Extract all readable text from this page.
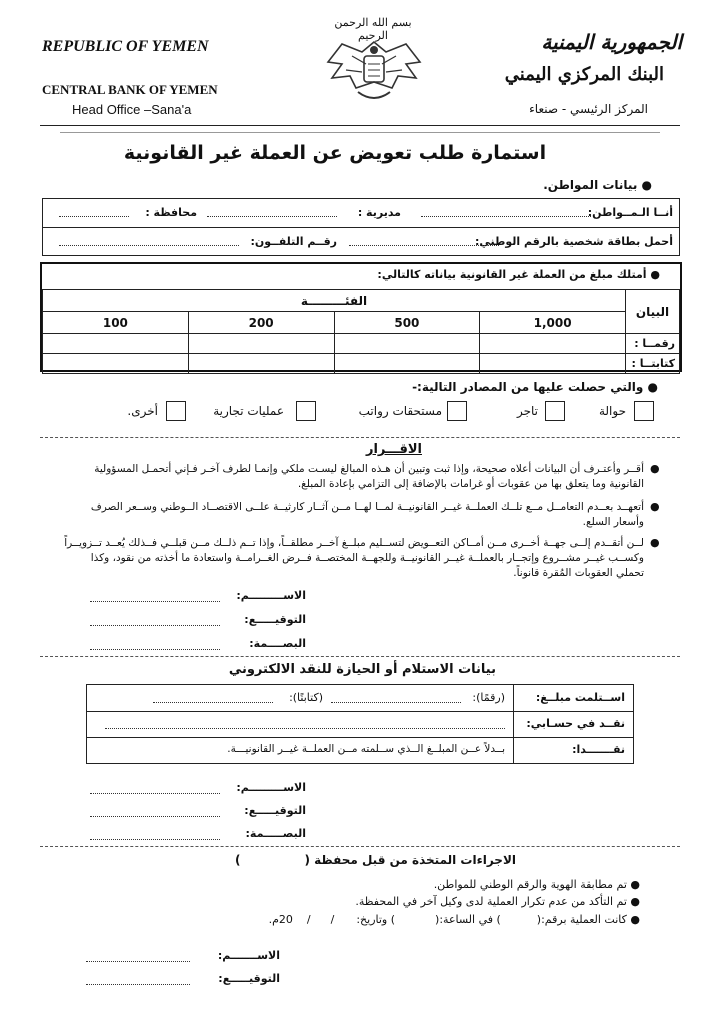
REPUBLIC OF YEMEN
CENTRAL BANK OF YEMEN
Head Office –Sana'a
بسم الله الرحمن الرحيم	الجمهورية اليمنية
البنك المركزي اليمني
المركز الرئيسي - صنعاء
استمارة طلب تعويض عن العملة غير القانونية
● بيانات المواطن.
أنــا الـمــواطن:
مديرية :
محافظة :
أحمل بطاقة شخصية بالرقم الوطني:
رقــم التلفــون:
● أمتلك مبلغ من العملة غير القانونية بياناته كالتالي:
الفئـــــــــة				البيان
100	200	500	1,000	
				رقمــا :
				كتابتــا :
● والتي حصلت عليها من المصادر التالية:-
حوالة
تاجر
مستحقات رواتب
عمليات تجارية
أخرى.
الاقـــرار
أقــر وأعتـرف أن البيانات أعلاه صحيحة، وإذا ثبت وتبين أن هـذه المبالغ ليسـت ملكي وإنمـا لطرف آخـر فـإني أتحمـل المسؤولية القانونية وما يتعلق بها من عقوبات أو غرامات بالإضافة إلى التزامي بإعادة المبلغ.
●
أتعهــد بعــدم التعامــل مــع تلــك العملــة غيــر القانونيــة لمــا لهــا مــن آثــار كارثيــة علــى الاقتصــاد الــوطني وســعر الصرف وأسعار السلع.
●
لــن أتقــدم إلــى جهــة أخــرى مــن أمــاكن التعــويض لتســليم مبلــغ آخــر مطلقــاً، وإذا تــم ذلــك مــن قبلــي فــذلك يُعــد تــزويــراً وكســب غيــر مشــروع وإتجــار بالعملــة غيــر القانونيــة وللجهــة المختصــة فــرض الغــرامــة واستعادة ما أخذته من نقود، وكذا تحملي العقوبات المُقرة قانوناً.
●
الاســـــــــم:
التوقيـــــع:
البصــــمة:
بيانات الاستلام أو الحيازة للنقد الالكتروني
اســتلمت مبلــغ:
(رقمًا):
(كتابتًا):
نقــد في حسـابي:
نقـــــــدا:
بــدلاً عــن المبلــغ الــذي ســلمته مــن العملــة غيــر القانونيـــة.
الاســـــــــم:
التوقيـــــع:
البصـــــمة:
الاجراءات المتخذة من قبل محفظة ()
● تم مطابقة الهوية والرقم الوطني للمواطن.
● تم التأكد من عدم تكرار العملية لدى وكيل آخر في المحفظة.
● كانت العملية برقم:() في الساعة:() وتاريخ://20م.
الاســـــــم:
التوقيـــــع:
